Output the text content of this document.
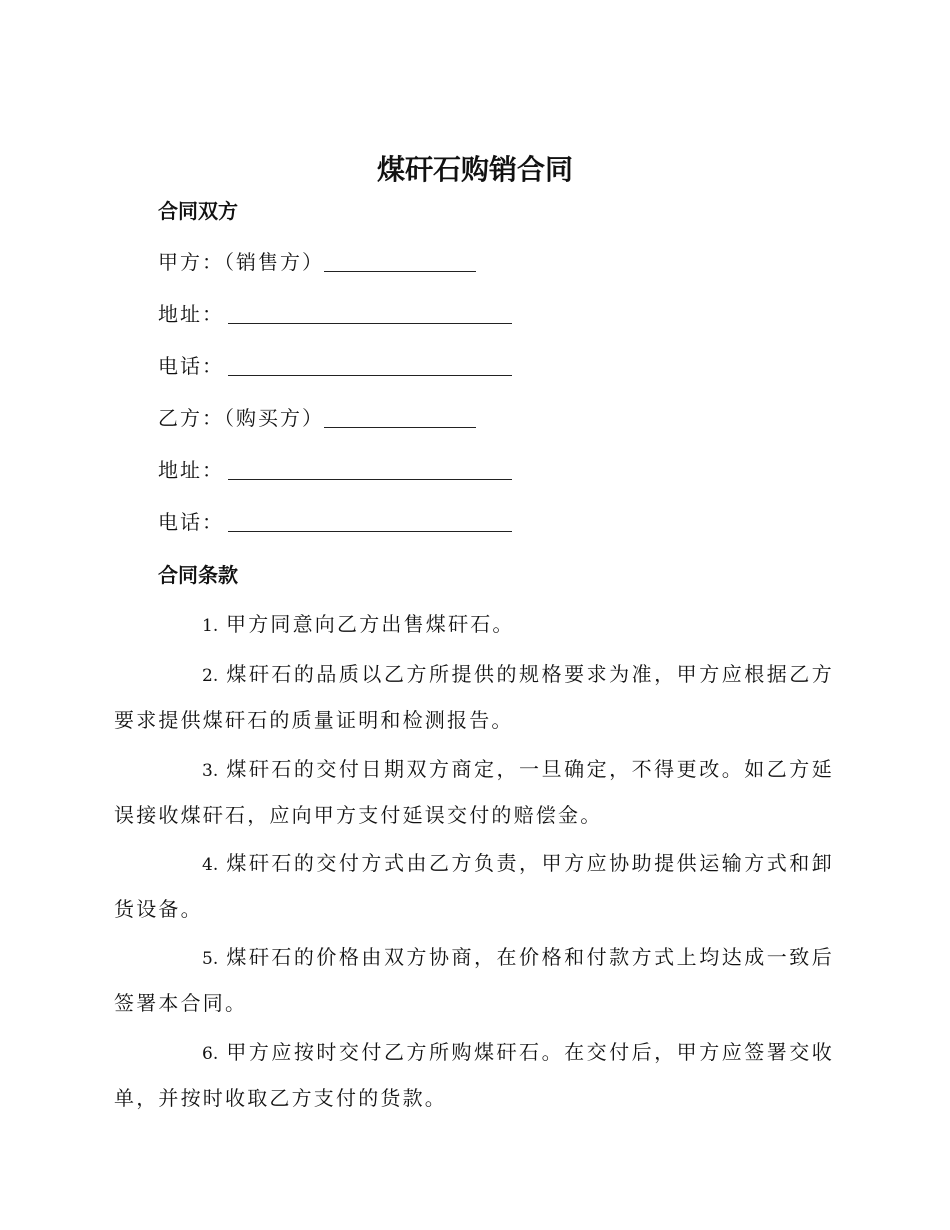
煤矸石购销合同
合同双方
甲方：（销售方）
地址：
电话：
乙方：（购买方）
地址：
电话：
合同条款
1. 甲方同意向乙方出售煤矸石。
2. 煤矸石的品质以乙方所提供的规格要求为准，甲方应根据乙方要求提供煤矸石的质量证明和检测报告。
3. 煤矸石的交付日期双方商定，一旦确定，不得更改。如乙方延误接收煤矸石，应向甲方支付延误交付的赔偿金。
4. 煤矸石的交付方式由乙方负责，甲方应协助提供运输方式和卸货设备。
5. 煤矸石的价格由双方协商，在价格和付款方式上均达成一致后签署本合同。
6. 甲方应按时交付乙方所购煤矸石。在交付后，甲方应签署交收单，并按时收取乙方支付的货款。
